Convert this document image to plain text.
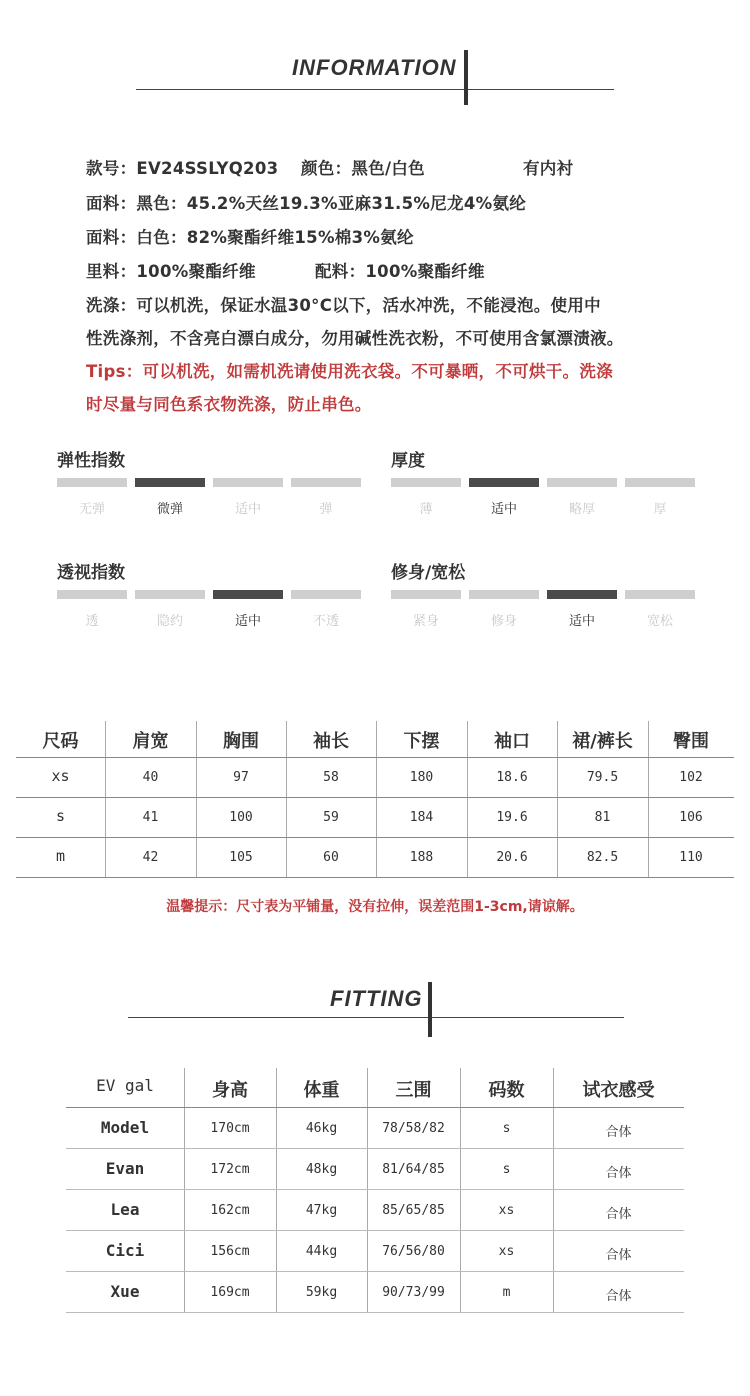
INFORMATION
款号：EV24SSLYQ203 颜色：黑色/白色	有内衬
面料：黑色：45.2%天丝19.3%亚麻31.5%尼龙4%氨纶
面料：白色：82%聚酯纤维15%棉3%氨纶
里料：100%聚酯纤维	配料：100%聚酯纤维
洗涤：可以机洗，保证水温30°C以下，活水冲洗，不能浸泡。使用中
性洗涤剂，不含亮白漂白成分，勿用碱性洗衣粉，不可使用含氯漂渍液。
Tips：可以机洗，如需机洗请使用洗衣袋。不可暴晒，不可烘干。洗涤
时尽量与同色系衣物洗涤，防止串色。
弹性指数
无弹	微弹	适中	弹
厚度
薄	适中	略厚	厚
透视指数
透	隐约	适中	不透
修身/宽松
紧身	修身	适中	宽松
尺码	肩宽	胸围	袖长	下摆	袖口	裙/裤长	臀围
xs	40	97	58	180	18.6	79.5	102
s	41	100	59	184	19.6	81	106
m	42	105	60	188	20.6	82.5	110
温馨提示：尺寸表为平铺量，没有拉伸，误差范围1-3cm,请谅解。
FITTING
EV gal	身高	体重	三围	码数	试衣感受
Model	170cm	46kg	78/58/82	s	合体
Evan	172cm	48kg	81/64/85	s	合体
Lea	162cm	47kg	85/65/85	xs	合体
Cici	156cm	44kg	76/56/80	xs	合体
Xue	169cm	59kg	90/73/99	m	合体
